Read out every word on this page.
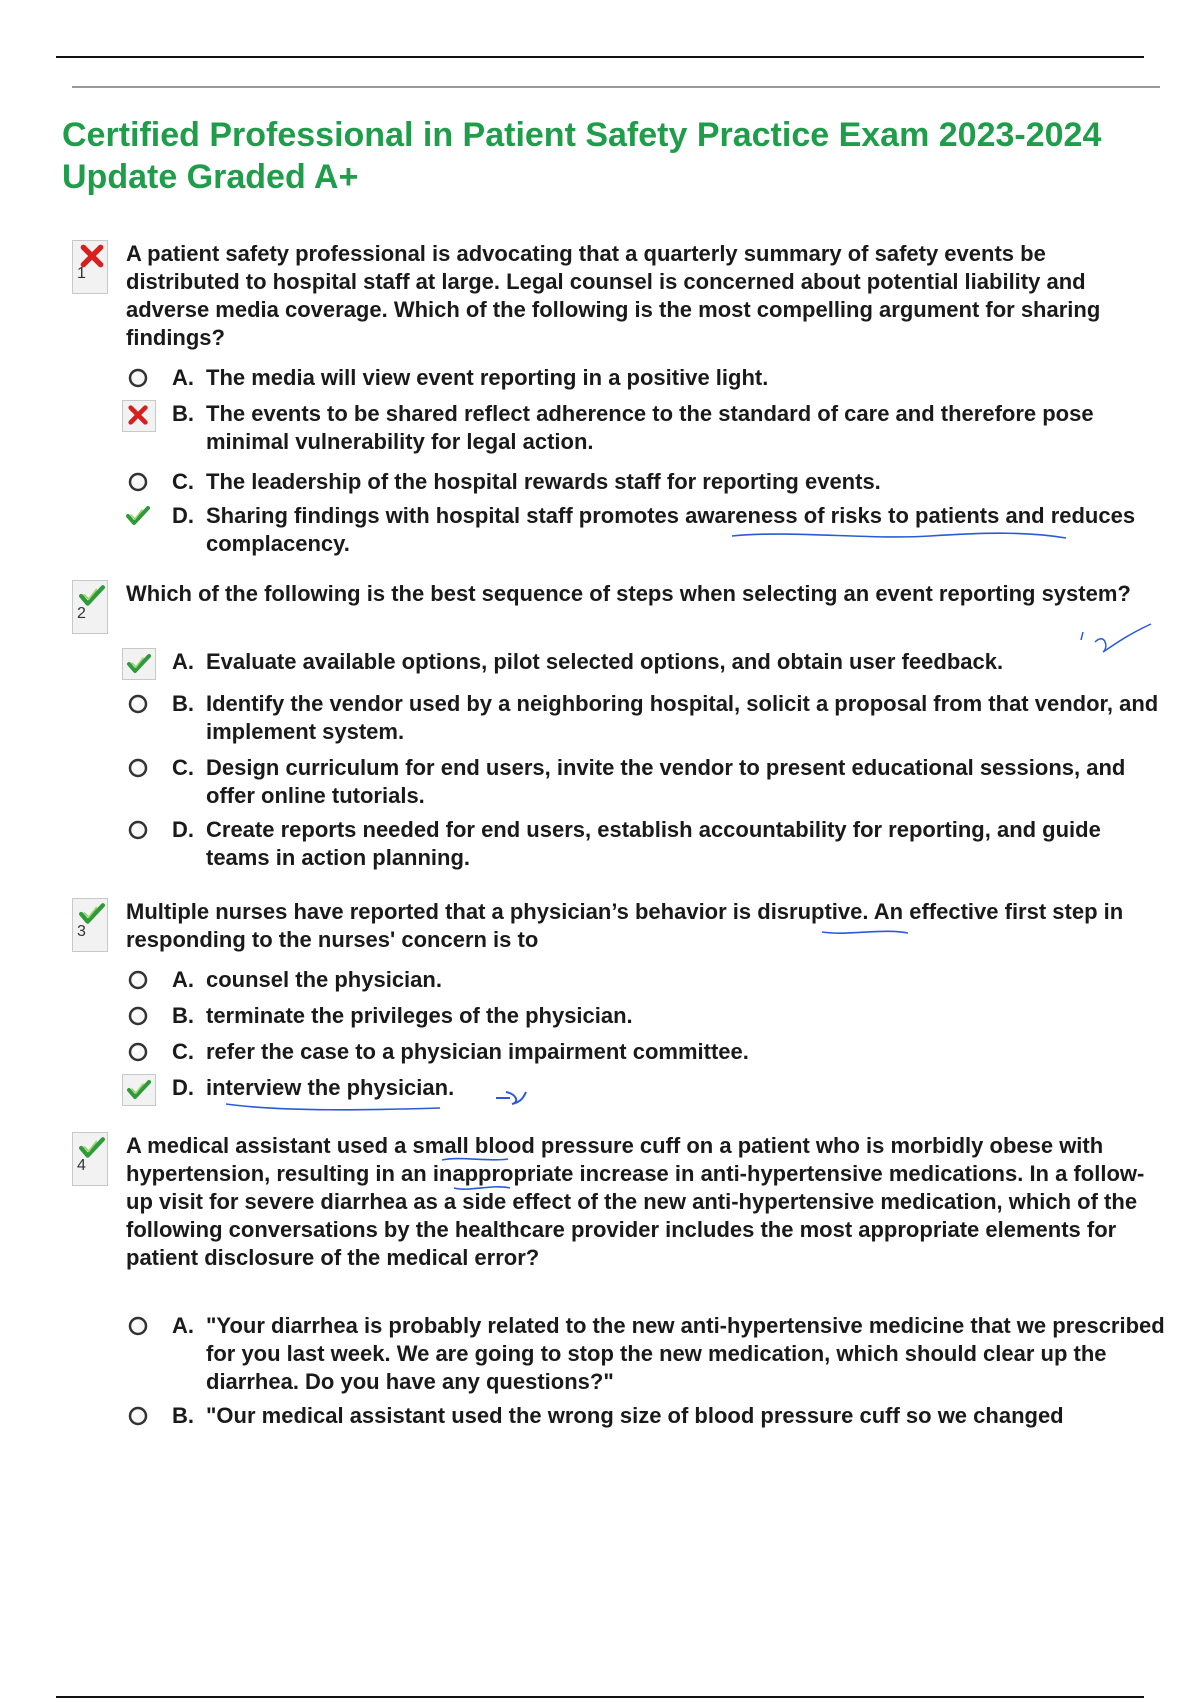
Certified Professional in Patient Safety Practice Exam 2023-2024 Update Graded A+
1

A patient safety professional is advocating that a quarterly summary of safety events be distributed to hospital staff at large. Legal counsel is concerned about potential liability and adverse media coverage. Which of the following is the most compelling argument for sharing findings?

A. The media will view event reporting in a positive light.
B. The events to be shared reflect adherence to the standard of care and therefore pose minimal vulnerability for legal action.
C. The leadership of the hospital rewards staff for reporting events.
D. Sharing findings with hospital staff promotes awareness of risks to patients and reduces complacency.
2

Which of the following is the best sequence of steps when selecting an event reporting system?

A. Evaluate available options, pilot selected options, and obtain user feedback.
B. Identify the vendor used by a neighboring hospital, solicit a proposal from that vendor, and implement system.
C. Design curriculum for end users, invite the vendor to present educational sessions, and offer online tutorials.
D. Create reports needed for end users, establish accountability for reporting, and guide teams in action planning.
3

Multiple nurses have reported that a physician’s behavior is disruptive. An effective first step in responding to the nurses' concern is to

A. counsel the physician.
B. terminate the privileges of the physician.
C. refer the case to a physician impairment committee.
D. interview the physician.
4

A medical assistant used a small blood pressure cuff on a patient who is morbidly obese with hypertension, resulting in an inappropriate increase in anti-hypertensive medications. In a follow-up visit for severe diarrhea as a side effect of the new anti-hypertensive medication, which of the following conversations by the healthcare provider includes the most appropriate elements for patient disclosure of the medical error?

A. "Your diarrhea is probably related to the new anti-hypertensive medicine that we prescribed for you last week. We are going to stop the new medication, which should clear up the diarrhea. Do you have any questions?"
B. "Our medical assistant used the wrong size of blood pressure cuff so we changed
